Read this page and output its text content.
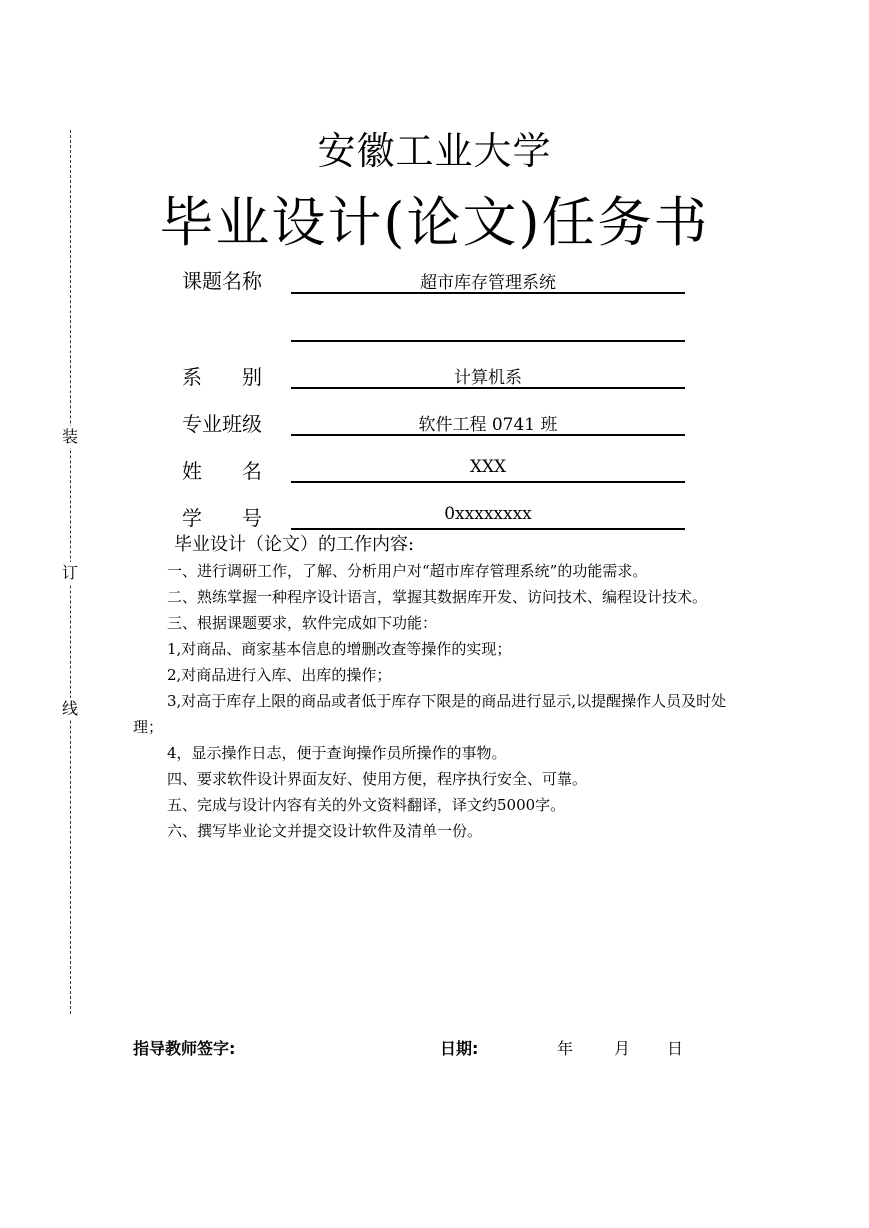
装
订
线
安徽工业大学
毕业设计(论文)任务书
课题名称	超市库存管理系统
系　　别	计算机系
专业班级	软件工程 0741 班
姓　　名	XXX
学　　号	0xxxxxxxx
毕业设计（论文）的工作内容:

一、进行调研工作，了解、分析用户对“超市库存管理系统”的功能需求。

二、熟练掌握一种程序设计语言，掌握其数据库开发、访问技术、编程设计技术。

三、根据课题要求，软件完成如下功能：

1,对商品、商家基本信息的增删改查等操作的实现；

2,对商品进行入库、出库的操作；

3,对高于库存上限的商品或者低于库存下限是的商品进行显示,以提醒操作人员及时处理；

4，显示操作日志，便于查询操作员所操作的事物。

四、要求软件设计界面友好、使用方便，程序执行安全、可靠。

五、完成与设计内容有关的外文资料翻译，译文约5000字。

六、撰写毕业论文并提交设计软件及清单一份。

指导教师签字:	日期:	年	月 日
